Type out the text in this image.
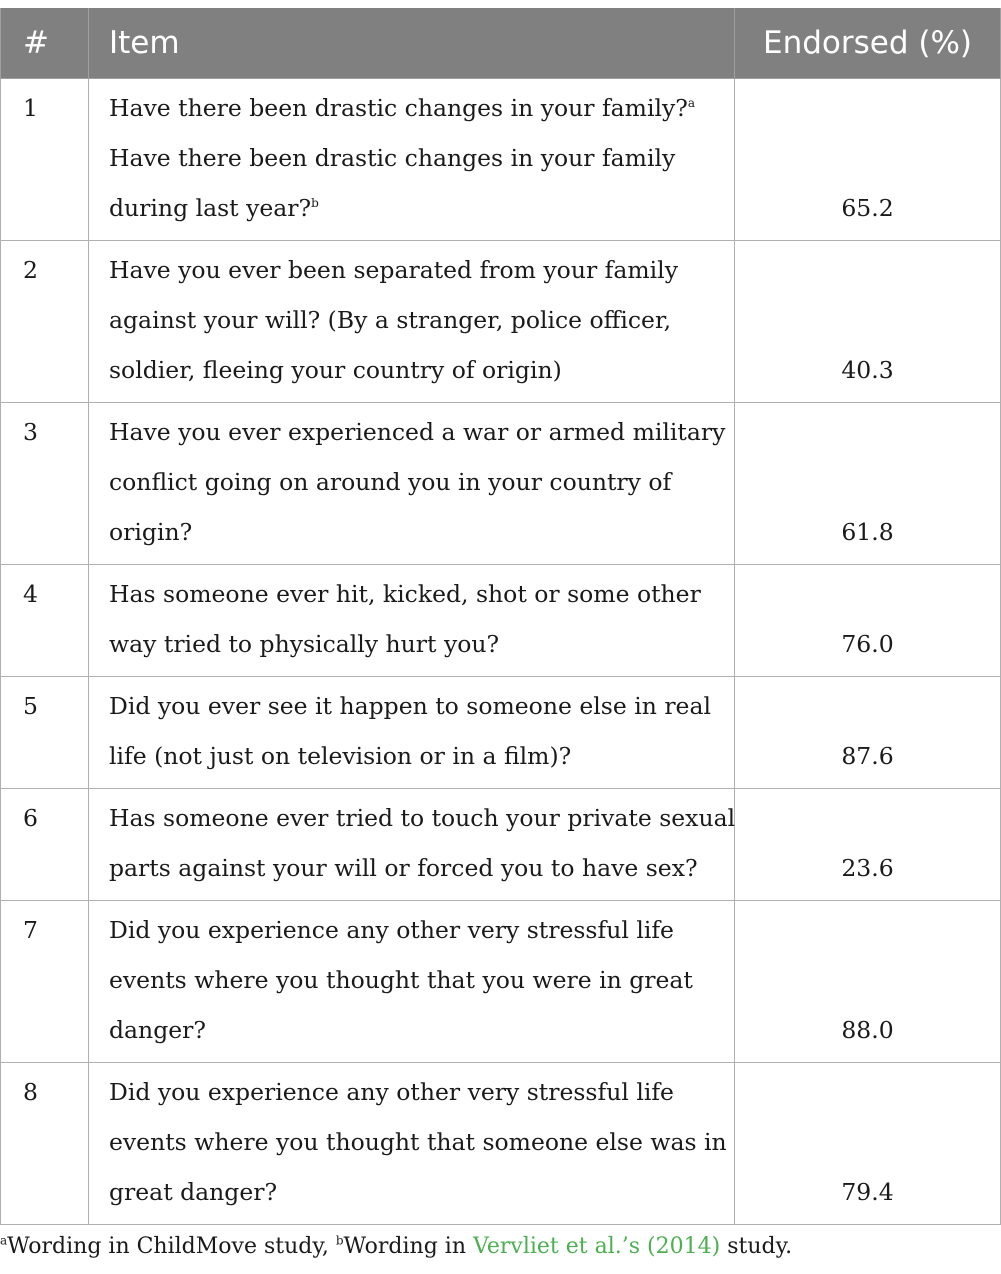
#	Item	Endorsed (%)
1	Have there been drastic changes in your family?$^a$
Have there been drastic changes in your family
during last year?$^b$	65.2
2	Have you ever been separated from your family
against your will? (By a stranger, police officer,
soldier, fleeing your country of origin)	40.3
3	Have you ever experienced a war or armed military
conflict going on around you in your country of
origin?	61.8
4	Has someone ever hit, kicked, shot or some other
way tried to physically hurt you?	76.0
5	Did you ever see it happen to someone else in real
life (not just on television or in a film)?	87.6
6	Has someone ever tried to touch your private sexual
parts against your will or forced you to have sex?	23.6
7	Did you experience any other very stressful life
events where you thought that you were in great
danger?	88.0
8	Did you experience any other very stressful life
events where you thought that someone else was in
great danger?	79.4
$^a$Wording in ChildMove study, $^b$Wording in Vervliet et al.’s (2014) study.
